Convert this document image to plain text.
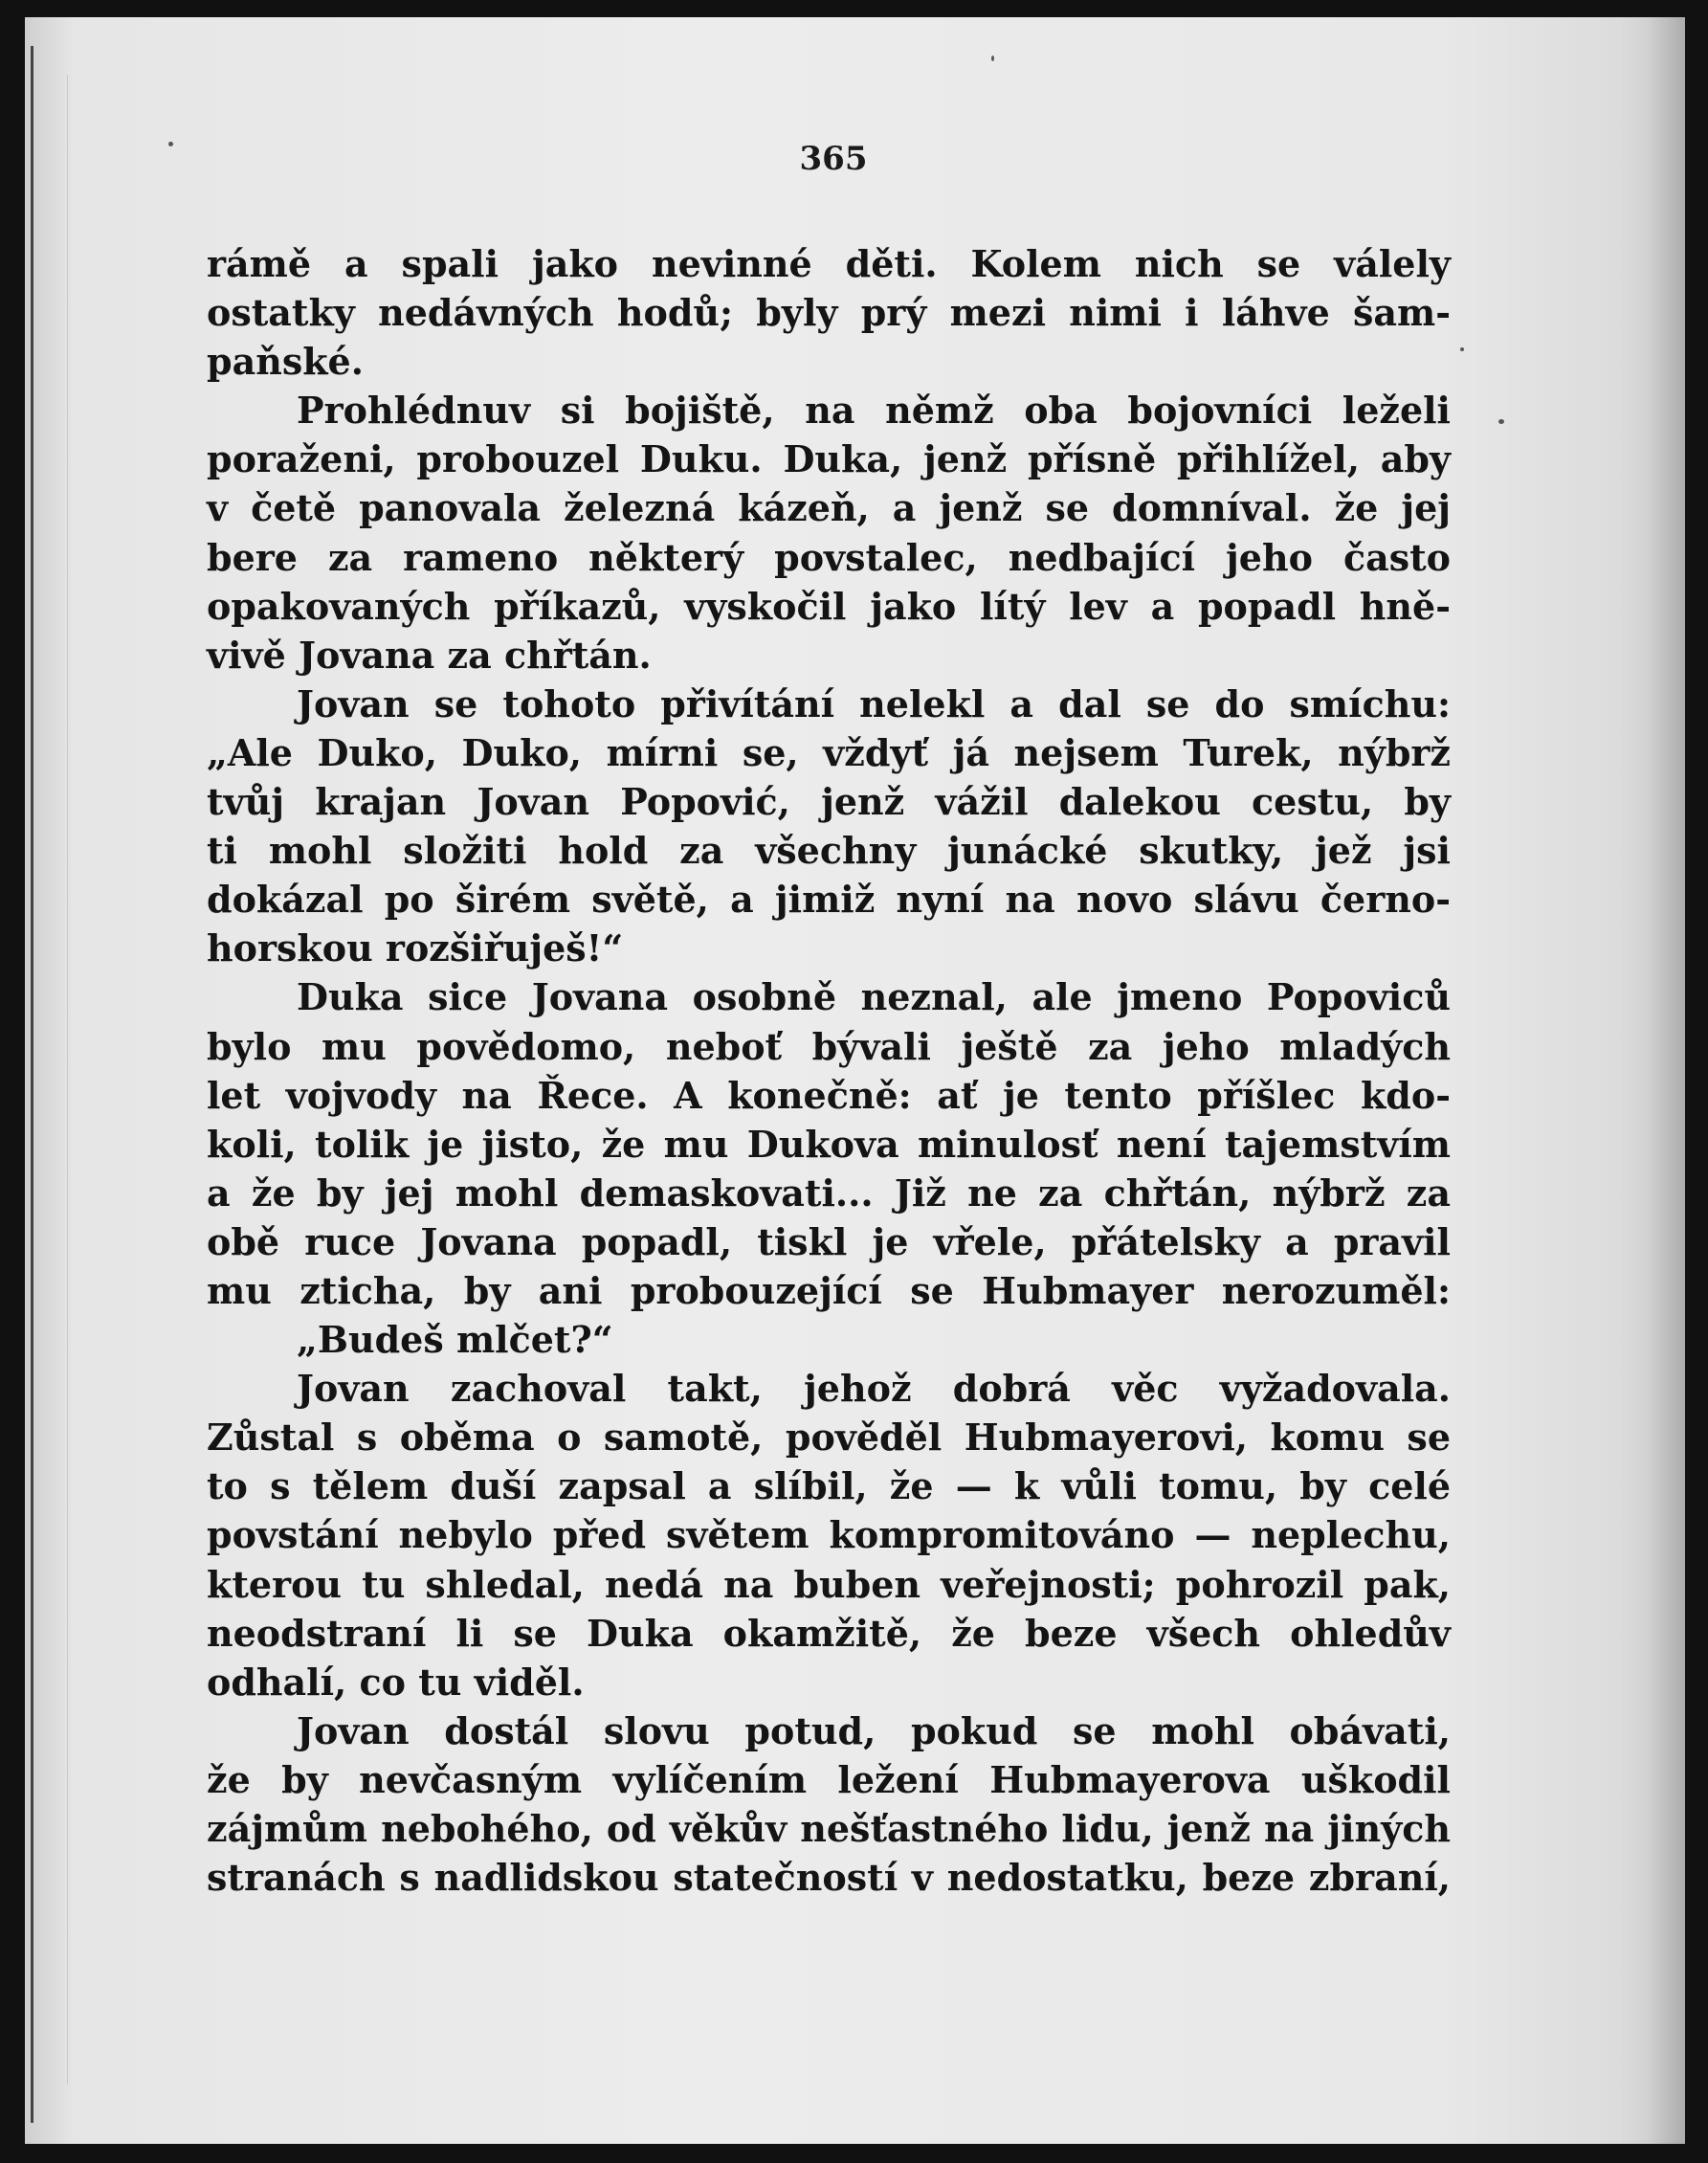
365
rámě a spali jako nevinné děti. Kolem nich se válely
ostatky nedávných hodů; byly prý mezi nimi i láhve šam-
paňské.
Prohlédnuv si bojiště, na němž oba bojovníci leželi
poraženi, probouzel Duku. Duka, jenž přísně přihlížel, aby
v četě panovala železná kázeň, a jenž se domníval. že jej
bere za rameno některý povstalec, nedbající jeho často
opakovaných příkazů, vyskočil jako lítý lev a popadl hně-
vivě Jovana za chřtán.
Jovan se tohoto přivítání nelekl a dal se do smíchu:
„Ale Duko, Duko, mírni se, vždyť já nejsem Turek, nýbrž
tvůj krajan Jovan Popović, jenž vážil dalekou cestu, by
ti mohl složiti hold za všechny junácké skutky, jež jsi
dokázal po širém světě, a jimiž nyní na novo slávu černo-
horskou rozšiřuješ!“
Duka sice Jovana osobně neznal, ale jmeno Popoviců
bylo mu povědomo, neboť bývali ještě za jeho mladých
let vojvody na Řece. A konečně: ať je tento příšlec kdo-
koli, tolik je jisto, že mu Dukova minulosť není tajemstvím
a že by jej mohl demaskovati... Již ne za chřtán, nýbrž za
obě ruce Jovana popadl, tiskl je vřele, přátelsky a pravil
mu zticha, by ani probouzející se Hubmayer nerozuměl:
„Budeš mlčet?“
Jovan zachoval takt, jehož dobrá věc vyžadovala.
Zůstal s oběma o samotě, pověděl Hubmayerovi, komu se
to s tělem duší zapsal a slíbil, že — k vůli tomu, by celé
povstání nebylo před světem kompromitováno — neplechu,
kterou tu shledal, nedá na buben veřejnosti; pohrozil pak,
neodstraní li se Duka okamžitě, že beze všech ohledův
odhalí, co tu viděl.
Jovan dostál slovu potud, pokud se mohl obávati,
že by nevčasným vylíčením ležení Hubmayerova uškodil
zájmům nebohého, od věkův nešťastného lidu, jenž na jiných
stranách s nadlidskou statečností v nedostatku, beze zbraní,
